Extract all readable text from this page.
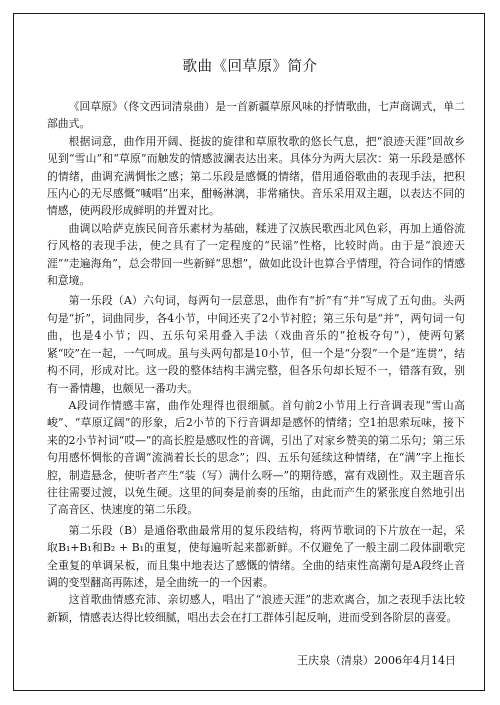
歌曲《回草原》简介

《回草原》（佟文西词清泉曲）是一首新疆草原风味的抒情歌曲，七声商调式，单二部曲式。

根据词意，曲作用开阔、挺拔的旋律和草原牧歌的悠长气息，把“浪迹天涯”回故乡见到“雪山”和“草原”而触发的情感波澜表达出来。具体分为两大层次：第一乐段是感怀的情绪，曲调充满惆怅之感；第二乐段是感慨的情绪，借用通俗歌曲的表现手法，把积压内心的无尽感慨“喊唱”出来，酣畅淋漓，非常痛快。音乐采用双主题，以表达不同的情感，使两段形成鲜明的并置对比。

曲调以哈萨克族民间音乐素材为基础，糅进了汉族民歌西北风色彩，再加上通俗流行风格的表现手法，使之具有了一定程度的“民谣”性格，比较时尚。由于是“浪迹天涯”“走遍海角”，总会带回一些新鲜“思想”，做如此设计也算合乎情理，符合词作的情感和意境。

第一乐段（A）六句词，每两句一层意思，曲作有“折”有“并”写成了五句曲。头两句是“折”，词曲同步，各4小节，中间还夹了2小节衬腔；第三乐句是“并”，两句词一句曲，也是4小节；四、五乐句采用叠入手法（戏曲音乐的“抢板夺句”），使两句紧紧“咬”在一起，一气呵成。虽与头两句都是10小节，但一个是“分裂”一个是“连贯”，结构不同，形成对比。这一段的整体结构丰满完整，但各乐句却长短不一，错落有致，别有一番情趣，也颇见一番功夫。

A段词作情感丰富，曲作处理得也很细腻。首句前2小节用上行音调表现“雪山高峻”、“草原辽阔”的形象，后2小节的下行音调却是感怀的情绪；空1拍思索玩味，接下来的2小节衬词“哎—”的高长腔是感叹性的音调，引出了对家乡赞美的第二乐句；第三乐句用感怀惆怅的音调“流淌着长长的思念”；四、五乐句延续这种情绪，在“满”字上拖长腔，制造悬念，使听者产生“装（写）满什么呀—”的期待感，富有戏剧性。双主题音乐往往需要过渡，以免生硬。这里的间奏是前奏的压缩，由此而产生的紧张度自然地引出了高音区、快速度的第二乐段。

第二乐段（B）是通俗歌曲最常用的复乐段结构，将两节歌词的下片放在一起，采取B₁+B₁和B₂ + B₁的重复，使每遍听起来都新鲜。不仅避免了一般主副二段体副歌完全重复的单调呆板，而且集中地表达了感慨的情绪。全曲的结束性高潮句是A段终止音调的变型翻高再陈述，是全曲统一的一个因素。

这首歌曲情感充沛、亲切感人，唱出了“浪迹天涯”的悲欢离合，加之表现手法比较新颖，情感表达得比较细腻，唱出去会在打工群体引起反响，进而受到各阶层的喜爱。

王庆泉（清泉）2006年4月14日
